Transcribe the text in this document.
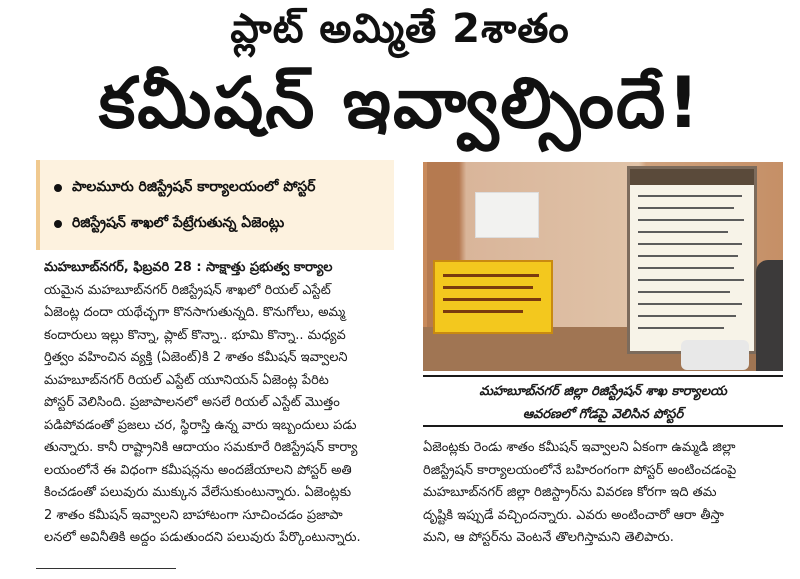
ప్లాట్ అమ్మితే 2శాతం
కమీషన్ ఇవ్వాల్సిందే!
పాలమూరు రిజిస్ట్రేషన్ కార్యాలయంలో పోస్టర్
రిజిస్ట్రేషన్ శాఖలో పేట్రేగుతున్న ఏజెంట్లు
మహబూబ్‌నగర్, ఫిబ్రవరి 28 : సాక్షాత్తు ప్రభుత్వ కార్యాల
యమైన మహబూబ్‌నగర్ రిజిస్ట్రేషన్ శాఖలో రియల్ ఎస్టేట్
ఏజెంట్ల దందా యథేచ్ఛగా కొనసాగుతున్నది. కొనుగోలు, అమ్మ
కందారులు ఇల్లు కొన్నా, ప్లాట్ కొన్నా.. భూమి కొన్నా.. మధ్యవ
ర్తిత్వం వహించిన వ్యక్తి (ఏజెంట్)కి 2 శాతం కమీషన్ ఇవ్వాలని
మహబూబ్‌నగర్ రియల్ ఎస్టేట్ యూనియన్ ఏజెంట్ల పేరిట
పోస్టర్ వెలిసింది. ప్రజాపాలనలో అసలే రియల్ ఎస్టేట్ మొత్తం
పడిపోవడంతో ప్రజలు చర, స్థిరాస్తి ఉన్న వారు ఇబ్బందులు పడు
తున్నారు. కానీ రాష్ట్రానికి ఆదాయం సమకూరే రిజిస్ట్రేషన్ కార్యా
లయంలోనే ఈ విధంగా కమీషన్లను అందజేయాలని పోస్టర్ అతి
కించడంతో పలువురు ముక్కున వేలేసుకుంటున్నారు. ఏజెంట్లకు
2 శాతం కమీషన్ ఇవ్వాలని బాహాటంగా సూచించడం ప్రజాపా
లనలో అవినీతికి అద్దం పడుతుందని పలువురు పేర్కొంటున్నారు.
మహబూబ్‌నగర్ జిల్లా రిజిస్ట్రేషన్ శాఖ కార్యాలయ
ఆవరణలో గోడపై వెలిసిన పోస్టర్
ఏజెంట్లకు రెండు శాతం కమీషన్ ఇవ్వాలని ఏకంగా ఉమ్మడి జిల్లా
రిజిస్ట్రేషన్ కార్యాలయంలోనే బహిరంగంగా పోస్టర్ అంటించడంపై
మహబూబ్‌నగర్ జిల్లా రిజిస్ట్రార్‌ను వివరణ కోరగా ఇది తమ
దృష్టికి ఇప్పుడే వచ్చిందన్నారు. ఎవరు అంటించారో ఆరా తీస్తా
మని, ఆ పోస్టర్‌ను వెంటనే తొలగిస్తామని తెలిపారు.
